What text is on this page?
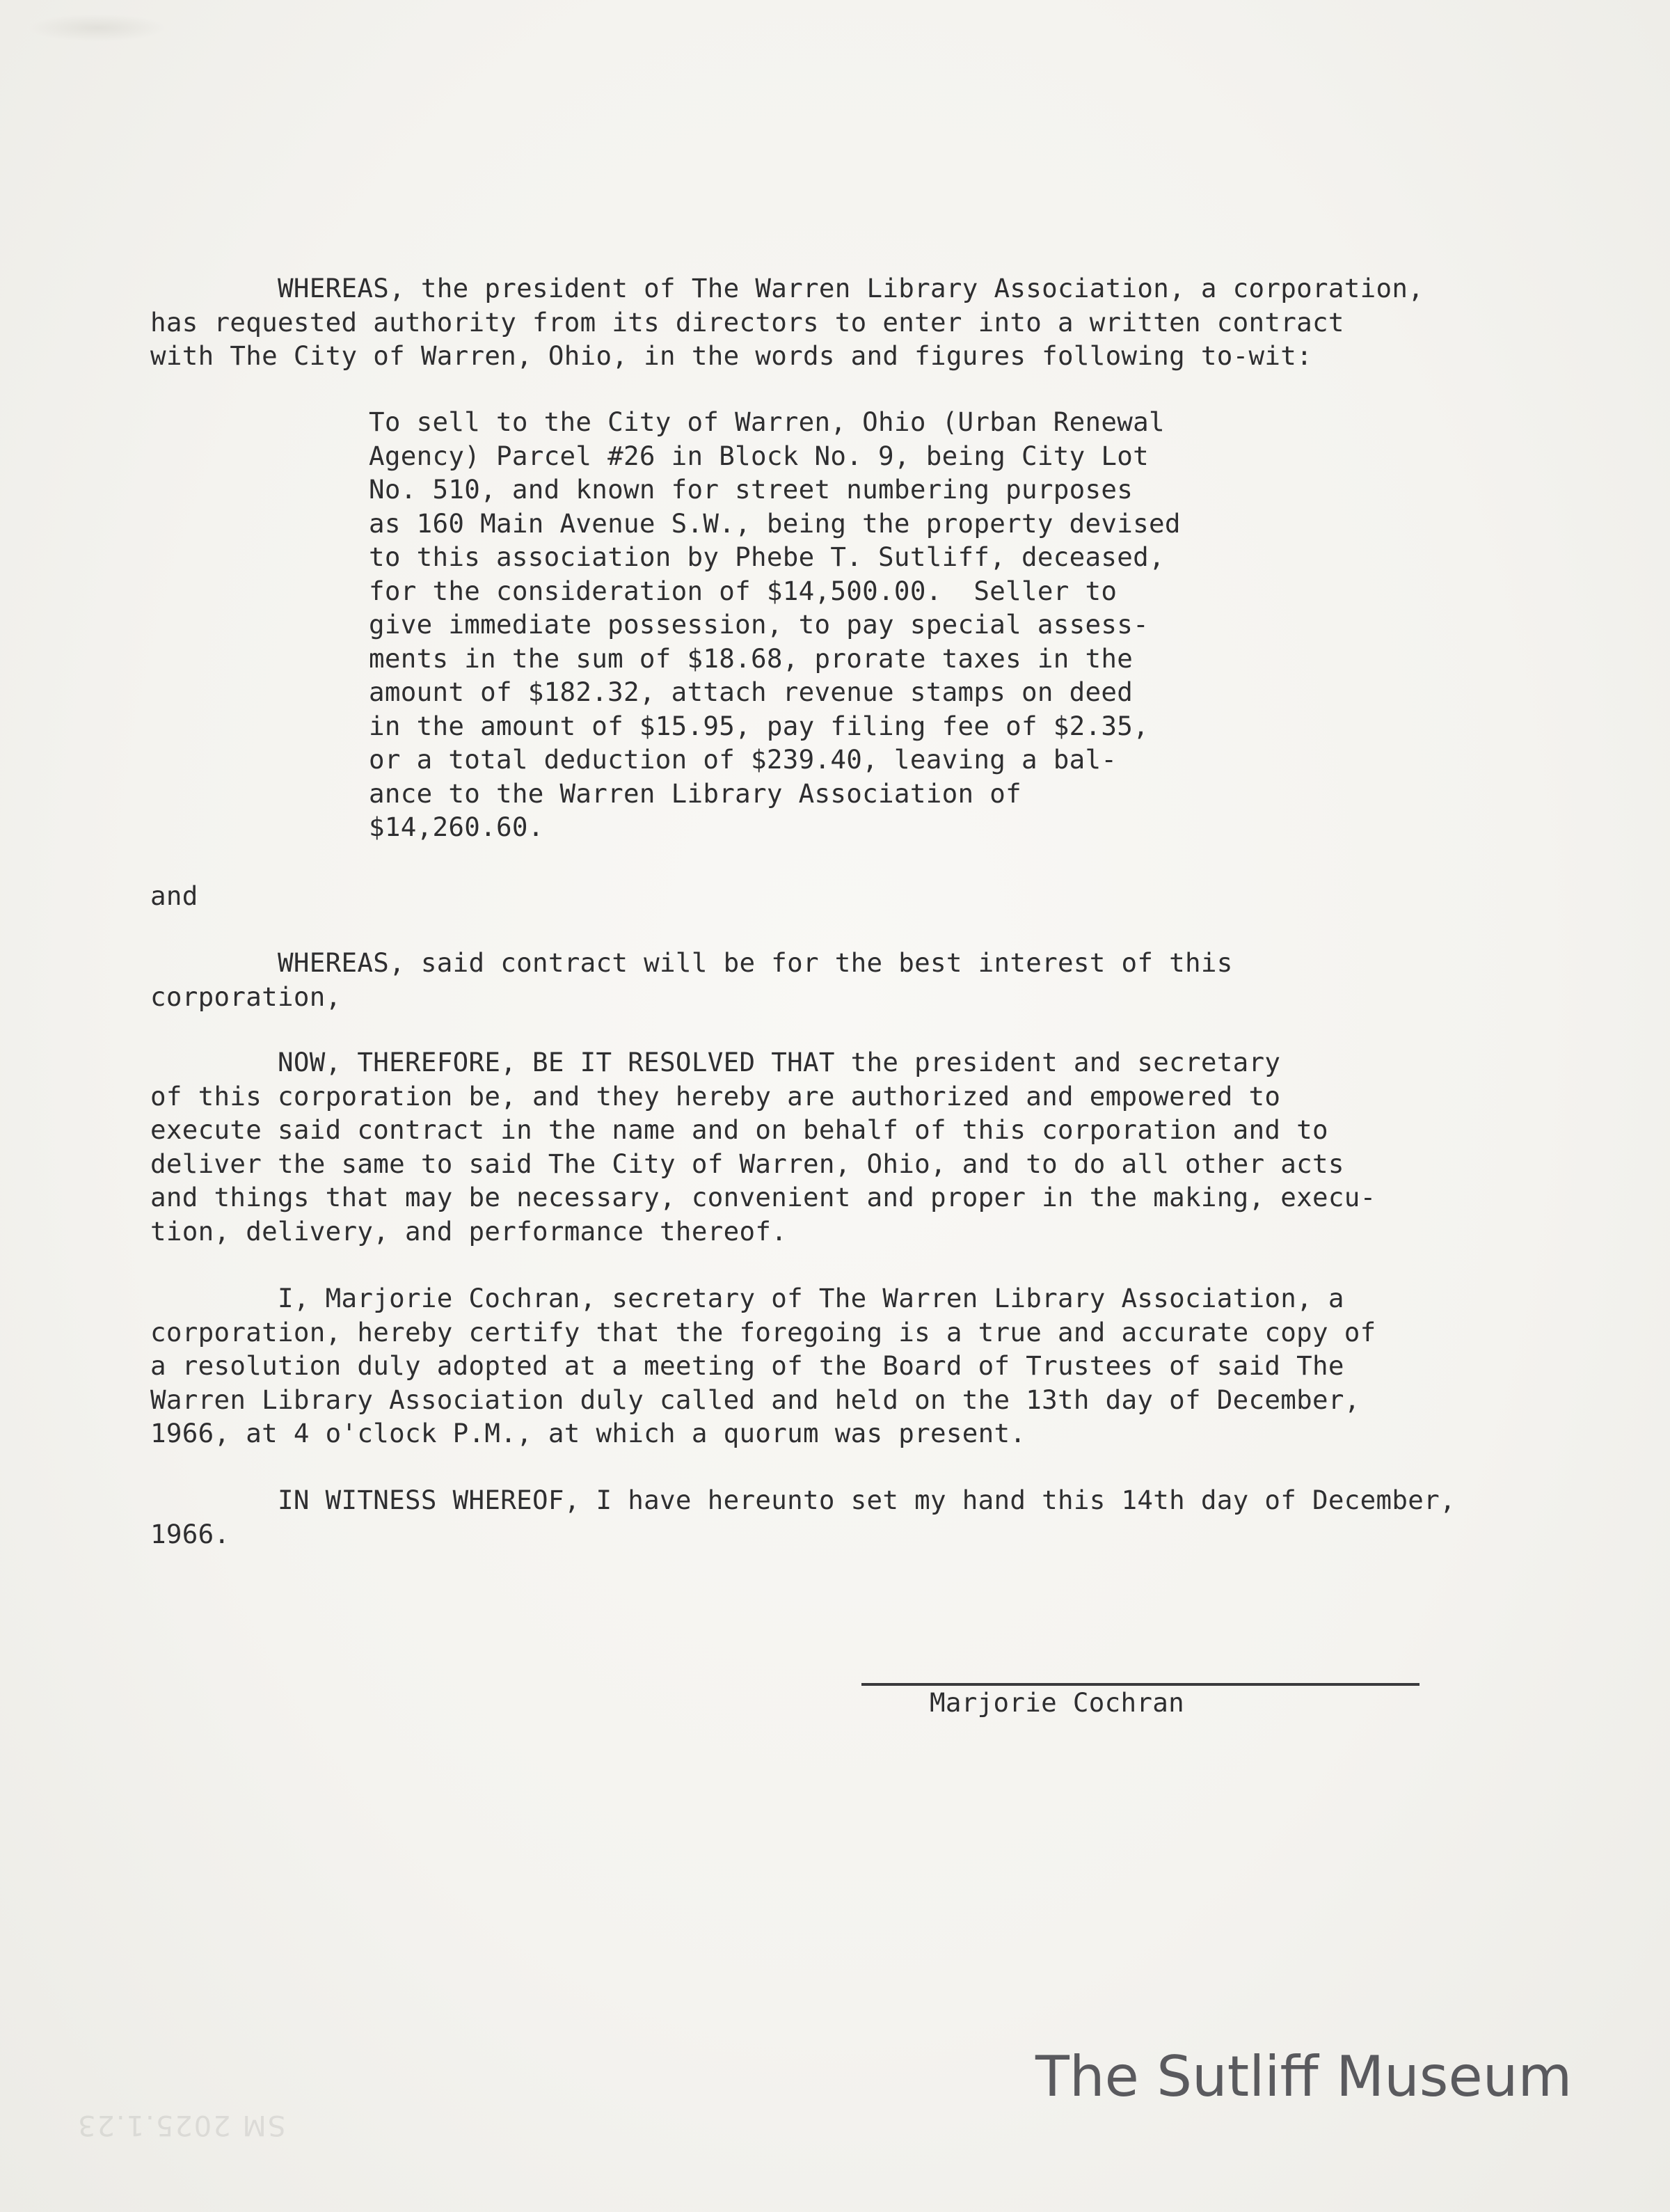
WHEREAS, the president of The Warren Library Association, a corporation,
has requested authority from its directors to enter into a written contract
with The City of Warren, Ohio, in the words and figures following to-wit:
To sell to the City of Warren, Ohio (Urban Renewal
Agency) Parcel #26 in Block No. 9, being City Lot
No. 510, and known for street numbering purposes
as 160 Main Avenue S.W., being the property devised
to this association by Phebe T. Sutliff, deceased,
for the consideration of $14,500.00.  Seller to
give immediate possession, to pay special assess-
ments in the sum of $18.68, prorate taxes in the
amount of $182.32, attach revenue stamps on deed
in the amount of $15.95, pay filing fee of $2.35,
or a total deduction of $239.40, leaving a bal-
ance to the Warren Library Association of
$14,260.60.
and
WHEREAS, said contract will be for the best interest of this
corporation,
NOW, THEREFORE, BE IT RESOLVED THAT the president and secretary
of this corporation be, and they hereby are authorized and empowered to
execute said contract in the name and on behalf of this corporation and to
deliver the same to said The City of Warren, Ohio, and to do all other acts
and things that may be necessary, convenient and proper in the making, execu-
tion, delivery, and performance thereof.
I, Marjorie Cochran, secretary of The Warren Library Association, a
corporation, hereby certify that the foregoing is a true and accurate copy of
a resolution duly adopted at a meeting of the Board of Trustees of said The
Warren Library Association duly called and held on the 13th day of December,
1966, at 4 o'clock P.M., at which a quorum was present.
IN WITNESS WHEREOF, I have hereunto set my hand this 14th day of December,
1966.
Marjorie Cochran
The Sutliff Museum
SM 2025.1.23
